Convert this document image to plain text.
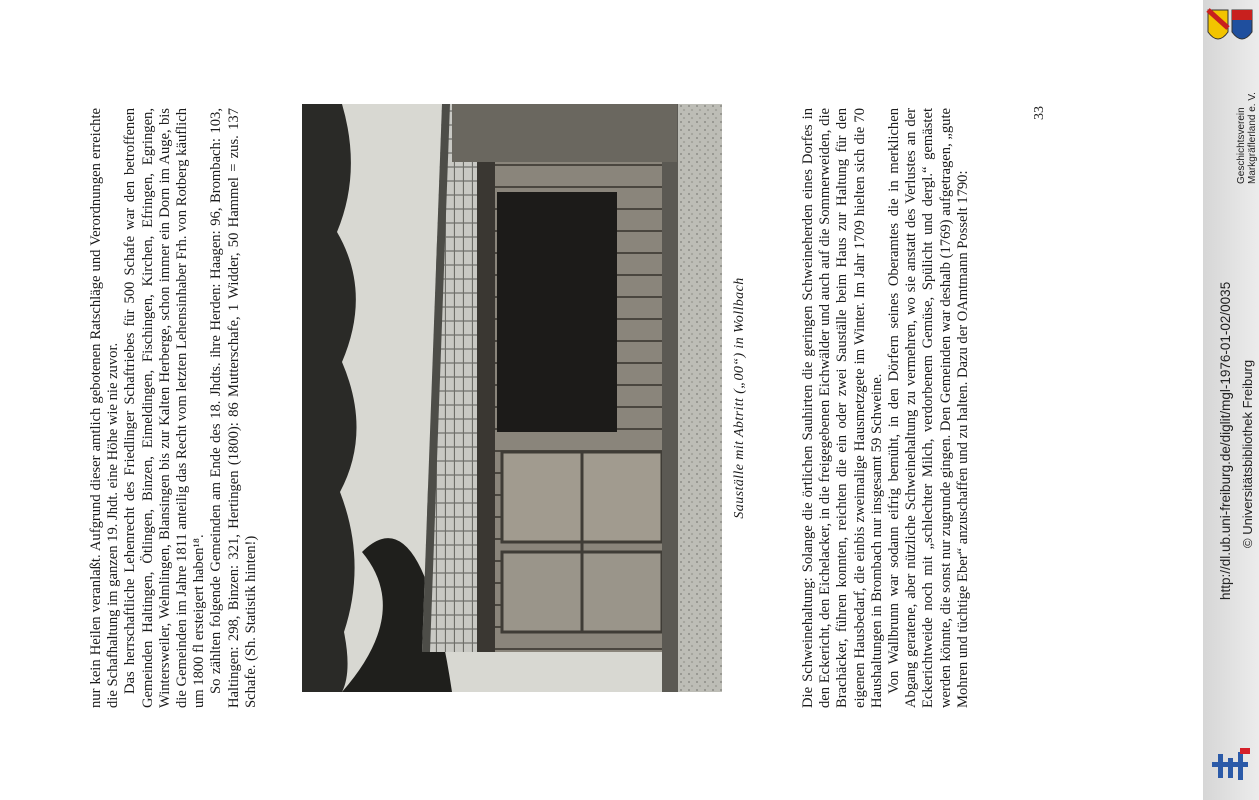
nur kein Heilen veranlaßt. Aufgrund dieser amtlich gebotenen Ratschläge und Verordnungen erreichte die Schafhaltung im ganzen 19. Jhdt. eine Höhe wie nie zuvor. Das herrschaftliche Lehenrecht des Friedlinger Schaftriebes für 500 Schafe war den betroffenen Gemeinden Haltingen, Ötlingen, Binzen, Eimeldingen, Fischingen, Kirchen, Efringen, Egringen, Wintersweiler, Welmlingen, Blansingen bis zur Kalten Herberge, schon immer ein Dorn im Auge, bis die Gemeinden im Jahre 1811 anteilig das Recht vom letzten Lehensinhaber Frh. von Rotberg käuflich um 1800 fl ersteigert haben¹⁸. So zählten folgende Gemeinden am Ende des 18. Jhdts. ihre Herden: Haagen: 96, Brombach: 103, Haltingen: 298, Binzen: 321, Hertingen (1800): 86 Mutterschafe, 1 Widder, 50 Hammel = zus. 137 Schafe. (Sh. Statistik hinten!)

Sauställe mit Abtritt („00“) in Wollbach	Die Schweinehaltung: Solange die örtlichen Sauhirten die geringen Schweineherden eines Dorfes in den Eckericht, den Eichelacker, in die freigegebenen Eichwälder und auch auf die Sommerweiden, die Brachäcker, führen konnten, reichten die ein oder zwei Sauställe beim Haus zur Haltung für den eigenen Hausbedarf, die einbis zweimalige Hausmetzgete im Winter. Im Jahr 1709 hielten sich die 70 Haushaltungen in Brombach nur insgesamt 59 Schweine. Von Wallbrunn war sodann eifrig bemüht, in den Dörfern seines Oberamtes die in merklichen Abgang geratene, aber nützliche Schweinehaltung zu vermehren, wo sie anstatt des Verlustes an der Eckerichtweide noch mit „schlechter Milch, verdorbenem Gemüse, Spülicht und dergl.“ gemästet werden könnte, die sonst nur zugrunde gingen. Den Gemeinden war deshalb (1769) aufgetragen, „gute Mohren und tüchtige Eber“ anzuschaffen und zu halten. Dazu der OAmtmann Posselt 1790:

33	Geschichtsverein Markgräflerland e. V.
http://dl.ub.uni-freiburg.de/diglit/mgl-1976-01-02/0035 © Universitätsbibliothek Freiburg
